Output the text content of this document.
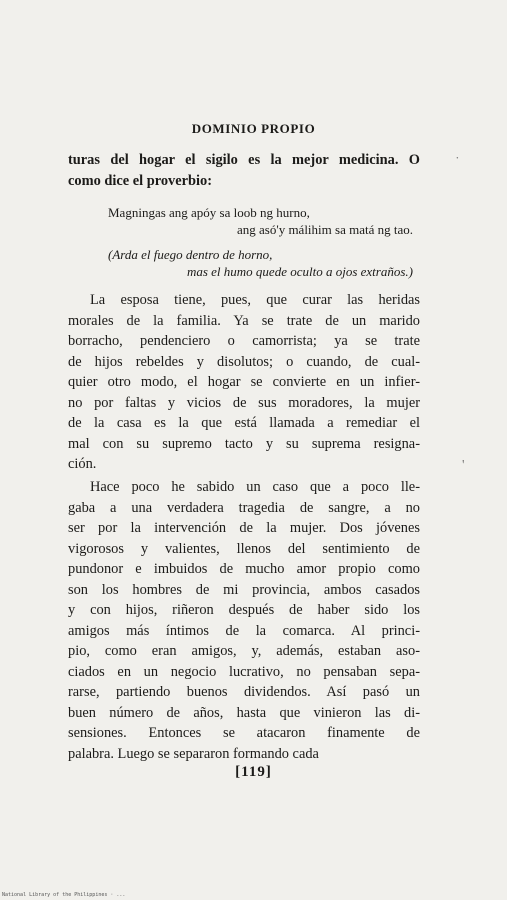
DOMINIO PROPIO
turas del hogar el sigilo es la mejor medicina. O
como dice el proverbio:
Magningas ang apóy sa loob ng hurno,
ang asó'y málihim sa matá ng tao.
(Arda el fuego dentro de horno,
mas el humo quede oculto a ojos extraños.)
La esposa tiene, pues, que curar las heridas
morales de la familia. Ya se trate de un marido
borracho, pendenciero o camorrista; ya se trate
de hijos rebeldes y disolutos; o cuando, de cual-
quier otro modo, el hogar se convierte en un infier-
no por faltas y vicios de sus moradores, la mujer
de la casa es la que está llamada a remediar el
mal con su supremo tacto y su suprema resigna-
ción.
Hace poco he sabido un caso que a poco lle-
gaba a una verdadera tragedia de sangre, a no
ser por la intervención de la mujer. Dos jóvenes
vigorosos y valientes, llenos del sentimiento de
pundonor e imbuidos de mucho amor propio como
son los hombres de mi provincia, ambos casados
y con hijos, riñeron después de haber sido los
amigos más íntimos de la comarca. Al princi-
pio, como eran amigos, y, además, estaban aso-
ciados en un negocio lucrativo, no pensaban sepa-
rarse, partiendo buenos dividendos. Así pasó un
buen número de años, hasta que vinieron las di-
sensiones. Entonces se atacaron finamente de
palabra. Luego se separaron formando cada
[119]
˙
'
National Library of the Philippines · ...
